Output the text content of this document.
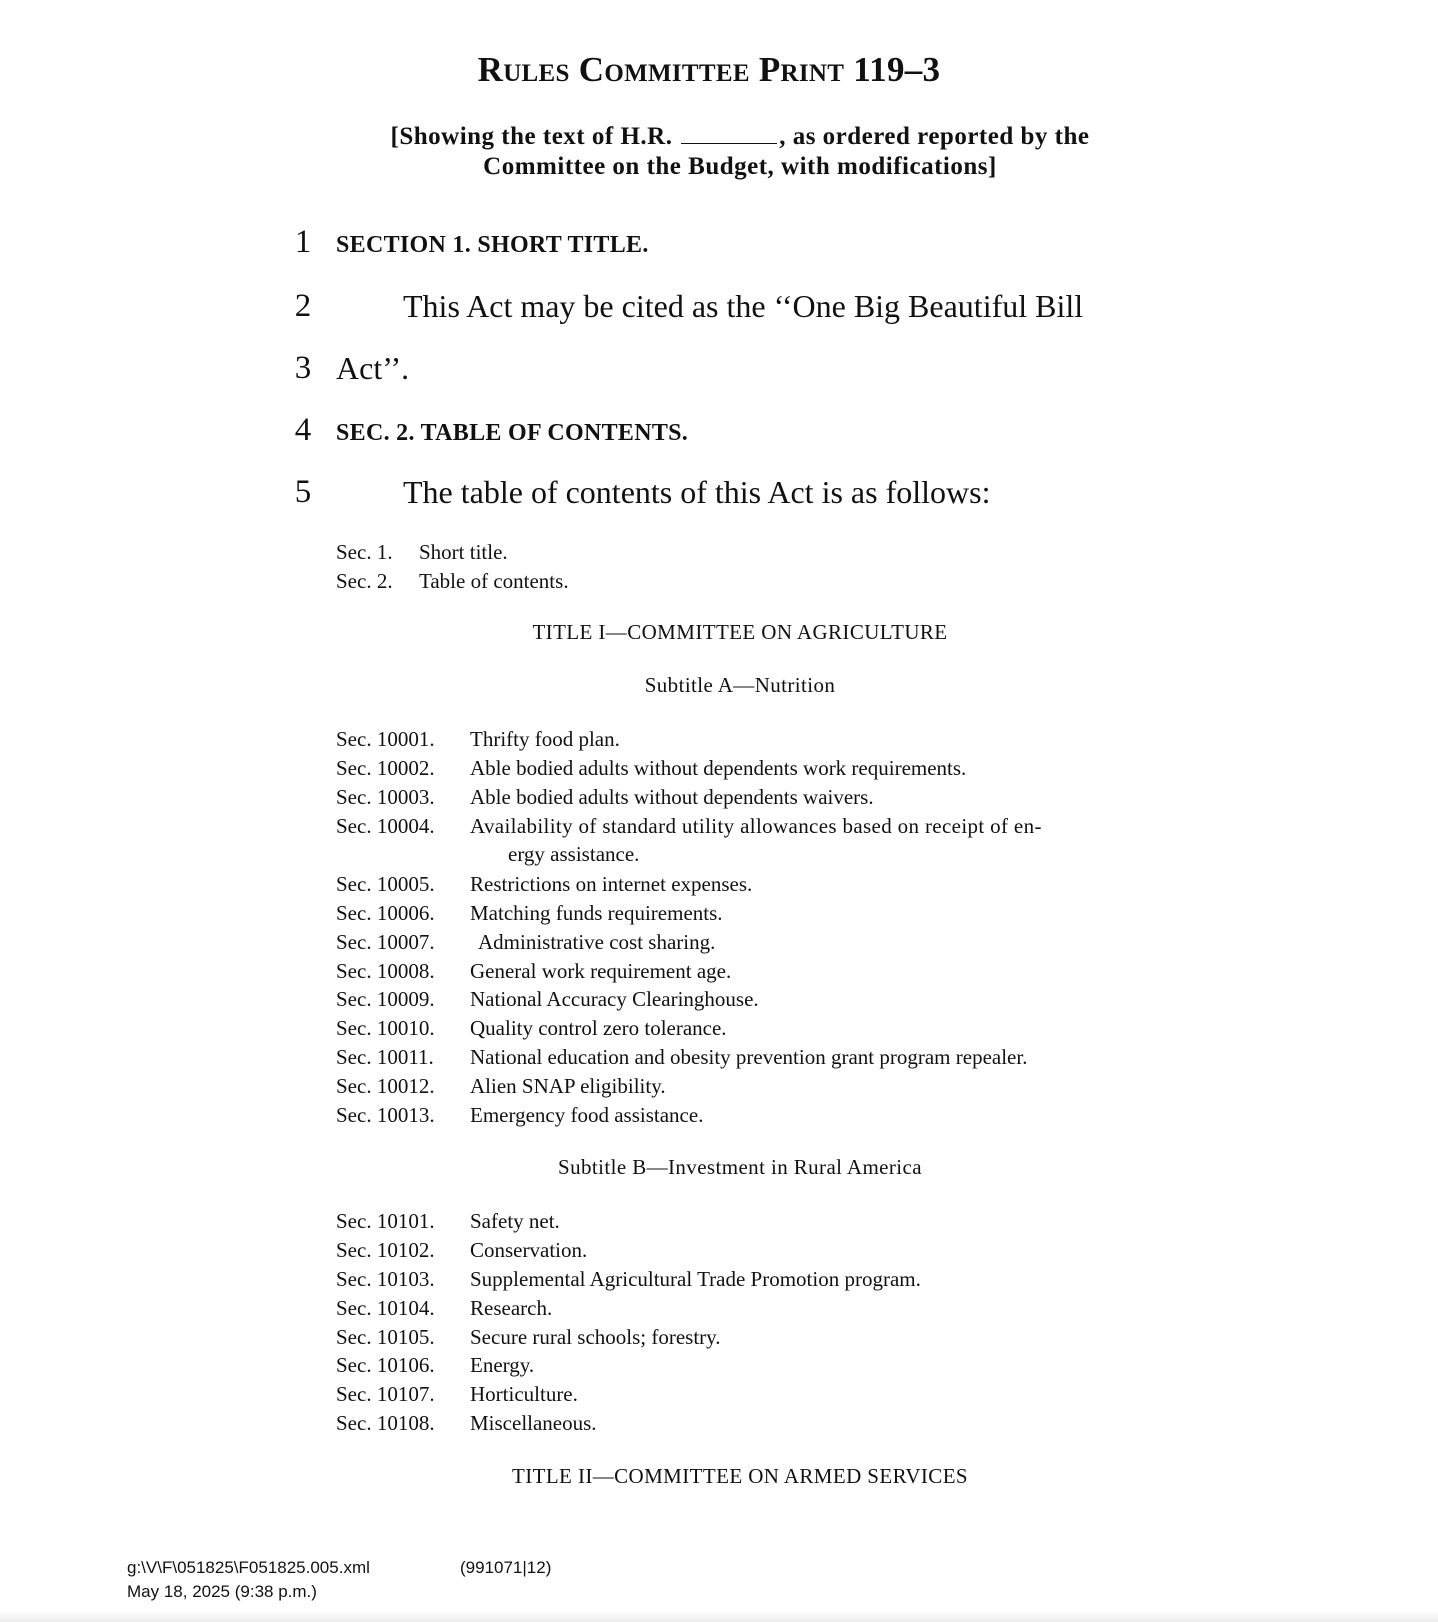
Rules Committee Print 119–3
[Showing the text of H.R.	, as ordered reported by the Committee on the Budget, with modifications]
1 SECTION 1. SHORT TITLE.
2	This Act may be cited as the ‘‘One Big Beautiful Bill
3 Act’’.
4 SEC. 2. TABLE OF CONTENTS.
5	The table of contents of this Act is as follows:
Sec. 1. Short title.
Sec. 2. Table of contents.
TITLE I—COMMITTEE ON AGRICULTURE
Subtitle A—Nutrition
Sec. 10001. Thrifty food plan.
Sec. 10002. Able bodied adults without dependents work requirements.
Sec. 10003. Able bodied adults without dependents waivers.
Sec. 10004. Availability of standard utility allowances based on receipt of en-
ergy assistance.
Sec. 10005. Restrictions on internet expenses.
Sec. 10006. Matching funds requirements.
Sec. 10007. Administrative cost sharing.
Sec. 10008. General work requirement age.
Sec. 10009. National Accuracy Clearinghouse.
Sec. 10010. Quality control zero tolerance.
Sec. 10011. National education and obesity prevention grant program repealer.
Sec. 10012. Alien SNAP eligibility.
Sec. 10013. Emergency food assistance.
Subtitle B—Investment in Rural America
Sec. 10101. Safety net.
Sec. 10102. Conservation.
Sec. 10103. Supplemental Agricultural Trade Promotion program.
Sec. 10104. Research.
Sec. 10105. Secure rural schools; forestry.
Sec. 10106. Energy.
Sec. 10107. Horticulture.
Sec. 10108. Miscellaneous.
TITLE II—COMMITTEE ON ARMED SERVICES
g:\V\F\051825\F051825.005.xml
May 18, 2025 (9:38 p.m.)
(991071|12)
